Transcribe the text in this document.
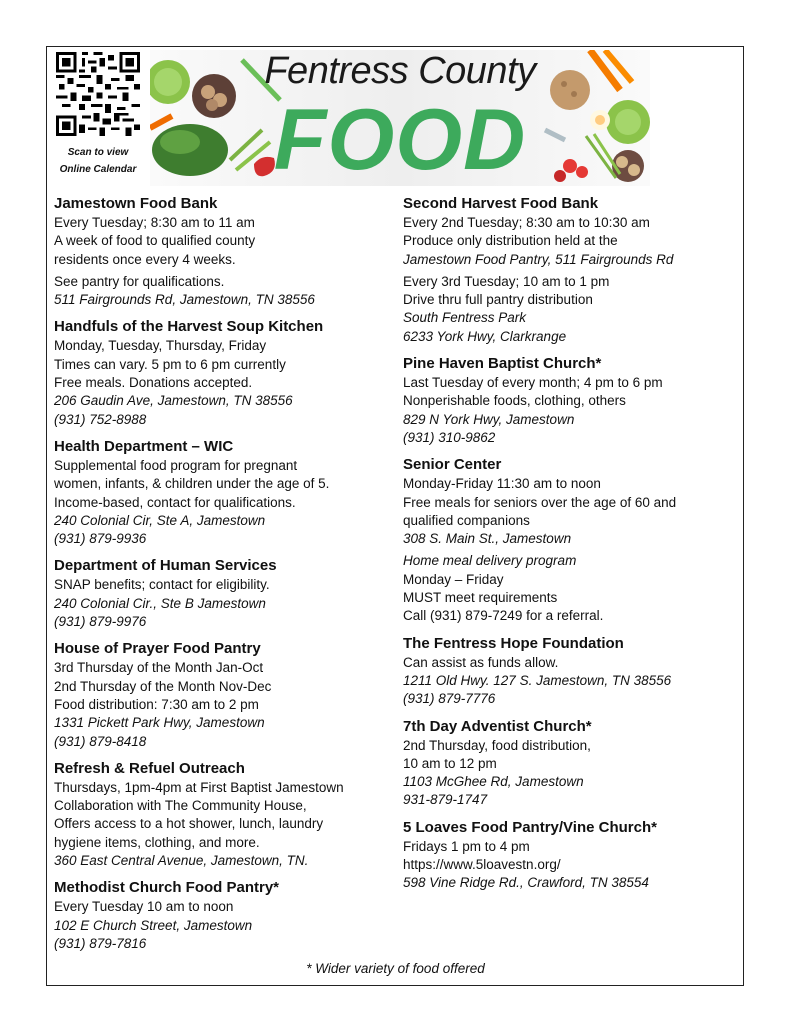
Scan to view
Online Calendar
Fentress County
FOOD
Jamestown Food Bank
Every Tuesday; 8:30 am to 11 am
A week of food to qualified county
residents once every 4 weeks.
See pantry for qualifications.
511 Fairgrounds Rd, Jamestown, TN 38556
Handfuls of the Harvest Soup Kitchen
Monday, Tuesday, Thursday, Friday
Times can vary. 5 pm to 6 pm currently
Free meals. Donations accepted.
206 Gaudin Ave, Jamestown, TN 38556
(931) 752-8988
Health Department – WIC
Supplemental food program for pregnant
women, infants, & children under the age of 5.
Income-based, contact for qualifications.
240 Colonial Cir, Ste A, Jamestown
(931) 879-9936
Department of Human Services
SNAP benefits; contact for eligibility.
240 Colonial Cir., Ste B Jamestown
(931) 879-9976
House of Prayer Food Pantry
3rd Thursday of the Month Jan-Oct
2nd Thursday of the Month Nov-Dec
Food distribution: 7:30 am to 2 pm
1331 Pickett Park Hwy, Jamestown
(931) 879-8418
Refresh & Refuel Outreach
Thursdays, 1pm-4pm at First Baptist Jamestown
Collaboration with The Community House,
Offers access to a hot shower, lunch, laundry
hygiene items, clothing, and more.
360 East Central Avenue, Jamestown, TN.
Methodist Church Food Pantry*
Every Tuesday 10 am to noon
102 E Church Street, Jamestown
(931) 879-7816
Second Harvest Food Bank
Every 2nd Tuesday; 8:30 am to 10:30 am
Produce only distribution held at the
Jamestown Food Pantry, 511 Fairgrounds Rd
Every 3rd Tuesday; 10 am to 1 pm
Drive thru full pantry distribution
South Fentress Park
6233 York Hwy, Clarkrange
Pine Haven Baptist Church*
Last Tuesday of every month; 4 pm to 6 pm
Nonperishable foods, clothing, others
829 N York Hwy, Jamestown
(931) 310-9862
Senior Center
Monday-Friday 11:30 am to noon
Free meals for seniors over the age of 60 and
qualified companions
308 S. Main St., Jamestown
Home meal delivery program
Monday – Friday
MUST meet requirements
Call (931) 879-7249 for a referral.
The Fentress Hope Foundation
Can assist as funds allow.
1211 Old Hwy. 127 S. Jamestown, TN 38556
(931) 879-7776
7th Day Adventist Church*
2nd Thursday, food distribution,
10 am to 12 pm
1103 McGhee Rd, Jamestown
931-879-1747
5 Loaves Food Pantry/Vine Church*
Fridays 1 pm to 4 pm
https://www.5loavestn.org/
598 Vine Ridge Rd., Crawford, TN 38554
* Wider variety of food offered
